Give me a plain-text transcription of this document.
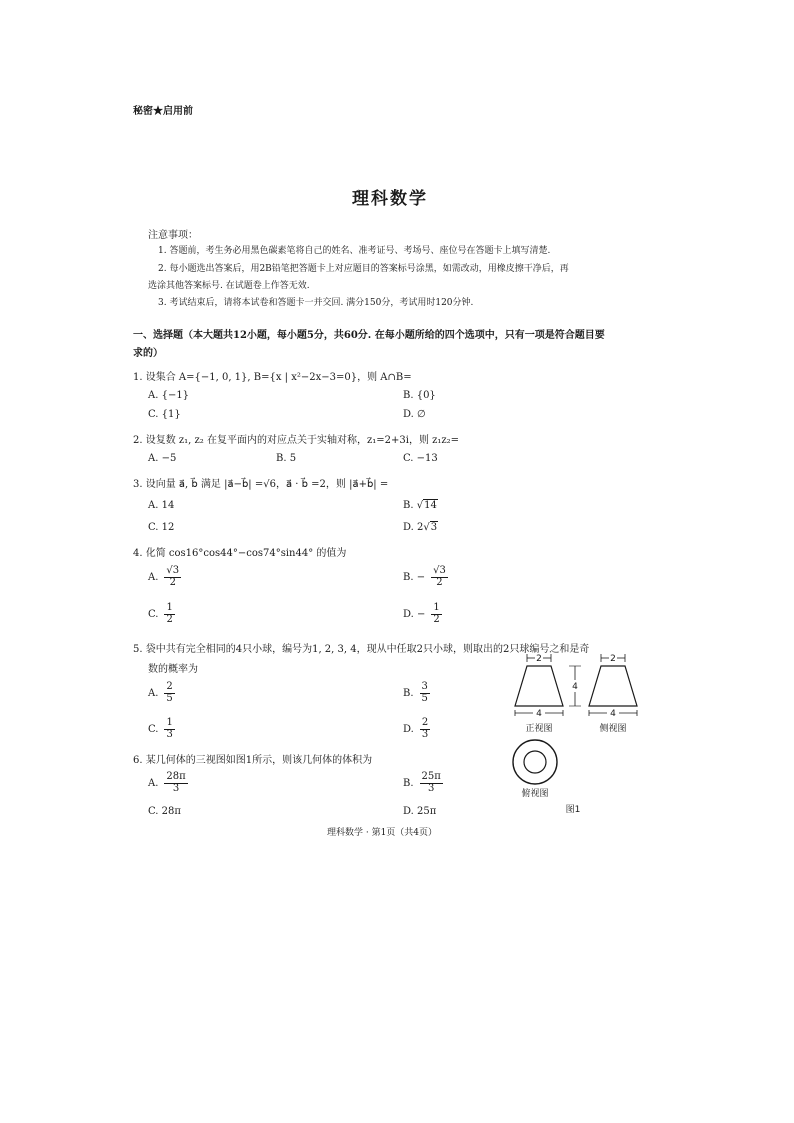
秘密★启用前
理科数学
注意事项：
1. 答题前，考生务必用黑色碳素笔将自己的姓名、准考证号、考场号、座位号在答题卡上填写清楚.
2. 每小题选出答案后，用2B铅笔把答题卡上对应题目的答案标号涂黑，如需改动，用橡皮擦干净后，再
选涂其他答案标号. 在试题卷上作答无效.
3. 考试结束后，请将本试卷和答题卡一并交回. 满分150分，考试用时120分钟.
一、选择题（本大题共12小题，每小题5分，共60分. 在每小题所给的四个选项中，只有一项是符合题目要
求的）
1. 设集合 A={−1, 0, 1}, B={x | x²−2x−3=0}，则 A∩B=
A. {−1}	B. {0}
C. {1}	D. ∅
2. 设复数 z₁, z₂ 在复平面内的对应点关于实轴对称，z₁=2+3i，则 z₁z₂=
A. −5	B. 5	C. −13
3. 设向量 a⃗, b⃗ 满足 |a⃗−b⃗| =√6，a⃗ · b⃗ =2，则 |a⃗+b⃗| =
A. 14	B. √14
C. 12	D. 2√3
4. 化简 cos16°cos44°−cos74°sin44° 的值为
A. $\frac{√3}{2}$	B. − $\frac{√3}{2}$
C. $\frac{1}{2}$	D. − $\frac{1}{2}$
5. 袋中共有完全相同的4只小球，编号为1, 2, 3, 4，现从中任取2只小球，则取出的2只球编号之和是奇
数的概率为
A. $\frac{2}{5}$	B. $\frac{3}{5}$
C. $\frac{1}{3}$	D. $\frac{2}{3}$
6. 某几何体的三视图如图1所示，则该几何体的体积为
A. $\frac{28\pi}{3}$	B. $\frac{25\pi}{3}$
C. 28π	D. 25π
2
4
4
2
4
正视图	侧视图
俯视图
图1
理科数学 · 第1页（共4页）
